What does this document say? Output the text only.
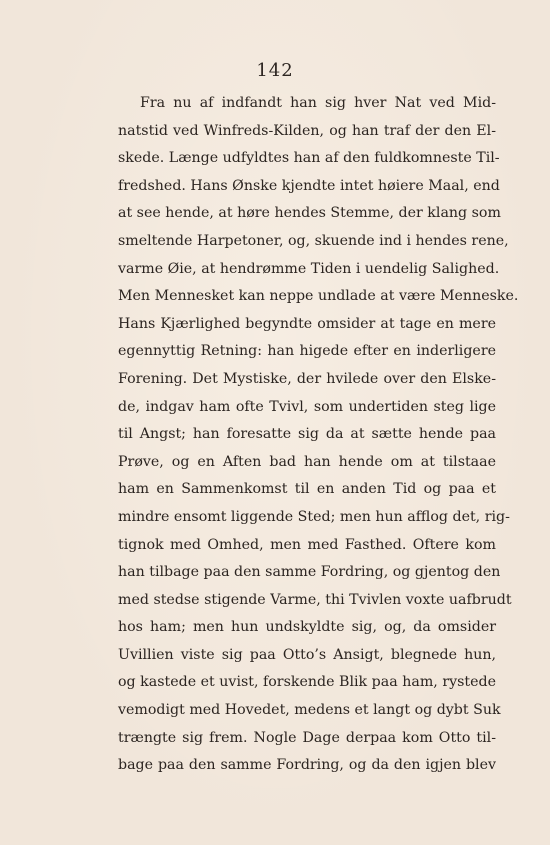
142
Fra nu af indfandt han sig hver Nat ved Mid-
natstid ved Winfreds-Kilden, og han traf der den El-
skede. Længe udfyldtes han af den fuldkomneste Til-
fredshed. Hans Ønske kjendte intet høiere Maal, end
at see hende, at høre hendes Stemme, der klang som
smeltende Harpetoner, og, skuende ind i hendes rene,
varme Øie, at hendrømme Tiden i uendelig Salighed.
Men Mennesket kan neppe undlade at være Menneske.
Hans Kjærlighed begyndte omsider at tage en mere
egennyttig Retning: han higede efter en inderligere
Forening. Det Mystiske, der hvilede over den Elske-
de, indgav ham ofte Tvivl, som undertiden steg lige
til Angst; han foresatte sig da at sætte hende paa
Prøve, og en Aften bad han hende om at tilstaae
ham en Sammenkomst til en anden Tid og paa et
mindre ensomt liggende Sted; men hun afflog det, rig-
tignok med Omhed, men med Fasthed. Oftere kom
han tilbage paa den samme Fordring, og gjentog den
med stedse stigende Varme, thi Tvivlen voxte uafbrudt
hos ham; men hun undskyldte sig, og, da omsider
Uvillien viste sig paa Otto’s Ansigt, blegnede hun,
og kastede et uvist, forskende Blik paa ham, rystede
vemodigt med Hovedet, medens et langt og dybt Suk
trængte sig frem. Nogle Dage derpaa kom Otto til-
bage paa den samme Fordring, og da den igjen blev
